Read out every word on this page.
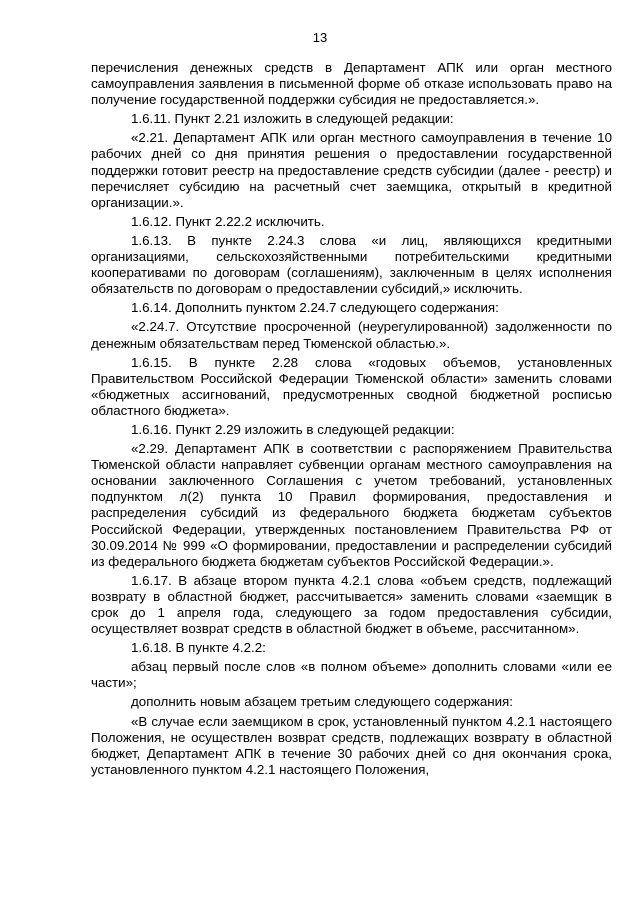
13

перечисления денежных средств в Департамент АПК или орган местного самоуправления заявления в письменной форме об отказе использовать право на получение государственной поддержки субсидия не предоставляется.».

1.6.11. Пункт 2.21 изложить в следующей редакции:

«2.21. Департамент АПК или орган местного самоуправления в течение 10 рабочих дней со дня принятия решения о предоставлении государственной поддержки готовит реестр на предоставление средств субсидии (далее - реестр) и перечисляет субсидию на расчетный счет заемщика, открытый в кредитной организации.».

1.6.12. Пункт 2.22.2 исключить.

1.6.13. В пункте 2.24.3 слова «и лиц, являющихся кредитными организациями, сельскохозяйственными потребительскими кредитными кооперативами по договорам (соглашениям), заключенным в целях исполнения обязательств по договорам о предоставлении субсидий,» исключить.

1.6.14. Дополнить пунктом 2.24.7 следующего содержания:

«2.24.7. Отсутствие просроченной (неурегулированной) задолженности по денежным обязательствам перед Тюменской областью.».

1.6.15. В пункте 2.28 слова «годовых объемов, установленных Правительством Российской Федерации Тюменской области» заменить словами «бюджетных ассигнований, предусмотренных сводной бюджетной росписью областного бюджета».

1.6.16. Пункт 2.29 изложить в следующей редакции:

«2.29. Департамент АПК в соответствии с распоряжением Правительства Тюменской области направляет субвенции органам местного самоуправления на основании заключенного Соглашения с учетом требований, установленных подпунктом л(2) пункта 10 Правил формирования, предоставления и распределения субсидий из федерального бюджета бюджетам субъектов Российской Федерации, утвержденных постановлением Правительства РФ от 30.09.2014 № 999 «О формировании, предоставлении и распределении субсидий из федерального бюджета бюджетам субъектов Российской Федерации.».

1.6.17. В абзаце втором пункта 4.2.1 слова «объем средств, подлежащий возврату в областной бюджет, рассчитывается» заменить словами «заемщик в срок до 1 апреля года, следующего за годом предоставления субсидии, осуществляет возврат средств в областной бюджет в объеме, рассчитанном».

1.6.18. В пункте 4.2.2:

абзац первый после слов «в полном объеме» дополнить словами «или ее части»;

дополнить новым абзацем третьим следующего содержания:

«В случае если заемщиком в срок, установленный пунктом 4.2.1 настоящего Положения, не осуществлен возврат средств, подлежащих возврату в областной бюджет, Департамент АПК в течение 30 рабочих дней со дня окончания срока, установленного пунктом 4.2.1 настоящего Положения,
